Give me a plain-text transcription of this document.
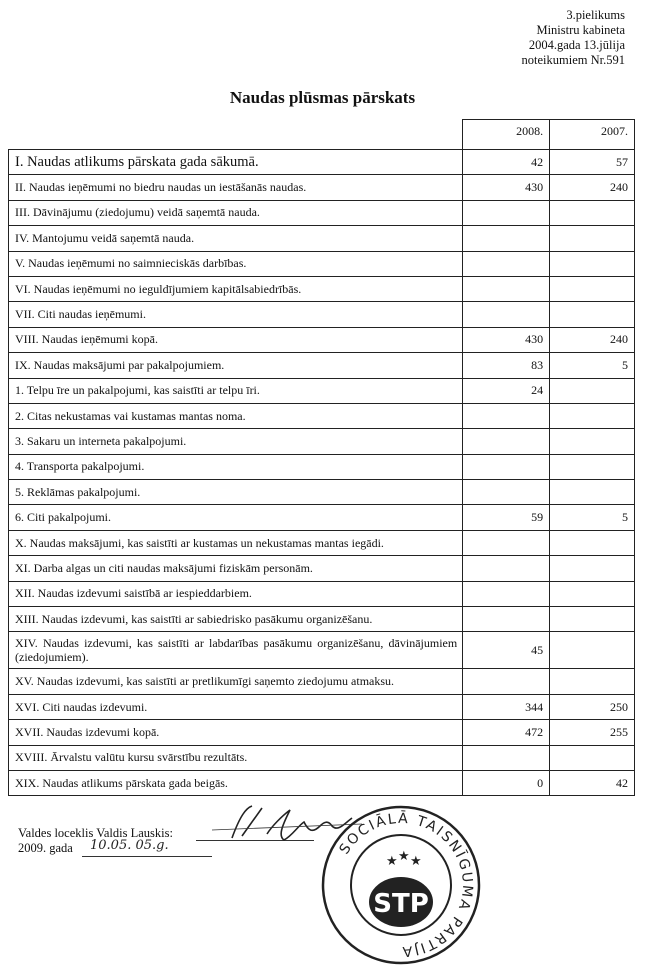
3.pielikums
Ministru kabineta
2004.gada 13.jūlija
noteikumiem Nr.591
Naudas plūsmas pārskats
	2008.	2007.
I. Naudas atlikums pārskata gada sākumā.	42	57
II. Naudas ieņēmumi no biedru naudas un iestāšanās naudas.	430	240
III. Dāvinājumu (ziedojumu) veidā saņemtā nauda.		
IV. Mantojumu veidā saņemtā nauda.		
V. Naudas ieņēmumi no saimnieciskās darbības.		
VI. Naudas ieņēmumi no ieguldījumiem kapitālsabiedrībās.		
VII. Citi naudas ieņēmumi.		
VIII. Naudas ieņēmumi kopā.	430	240
IX. Naudas maksājumi par pakalpojumiem.	83	5
1. Telpu īre un pakalpojumi, kas saistīti ar telpu īri.	24	
2. Citas nekustamas vai kustamas mantas noma.		
3. Sakaru un interneta pakalpojumi.		
4. Transporta pakalpojumi.		
5. Reklāmas pakalpojumi.		
6. Citi pakalpojumi.	59	5
X. Naudas maksājumi, kas saistīti ar kustamas un nekustamas mantas iegādi.		
XI. Darba algas un citi naudas maksājumi fiziskām personām.		
XII. Naudas izdevumi saistībā ar iespieddarbiem.		
XIII. Naudas izdevumi, kas saistīti ar sabiedrisko pasākumu organizēšanu.		
XIV. Naudas izdevumi, kas saistīti ar labdarības pasākumu organizēšanu, dāvinājumiem (ziedojumiem).	45	
XV. Naudas izdevumi, kas saistīti ar pretlikumīgi saņemto ziedojumu atmaksu.		
XVI. Citi naudas izdevumi.	344	250
XVII. Naudas izdevumi kopā.	472	255
XVIII. Ārvalstu valūtu kursu svārstību rezultāts.		
XIX. Naudas atlikums pārskata gada beigās.	0	42
Valdes loceklis Valdis Lauskis:
2009. gada	10.05. 05.g.	SOCIĀLĀ TAISNĪGUMA PARTIJA
★ ★ ★
STP
